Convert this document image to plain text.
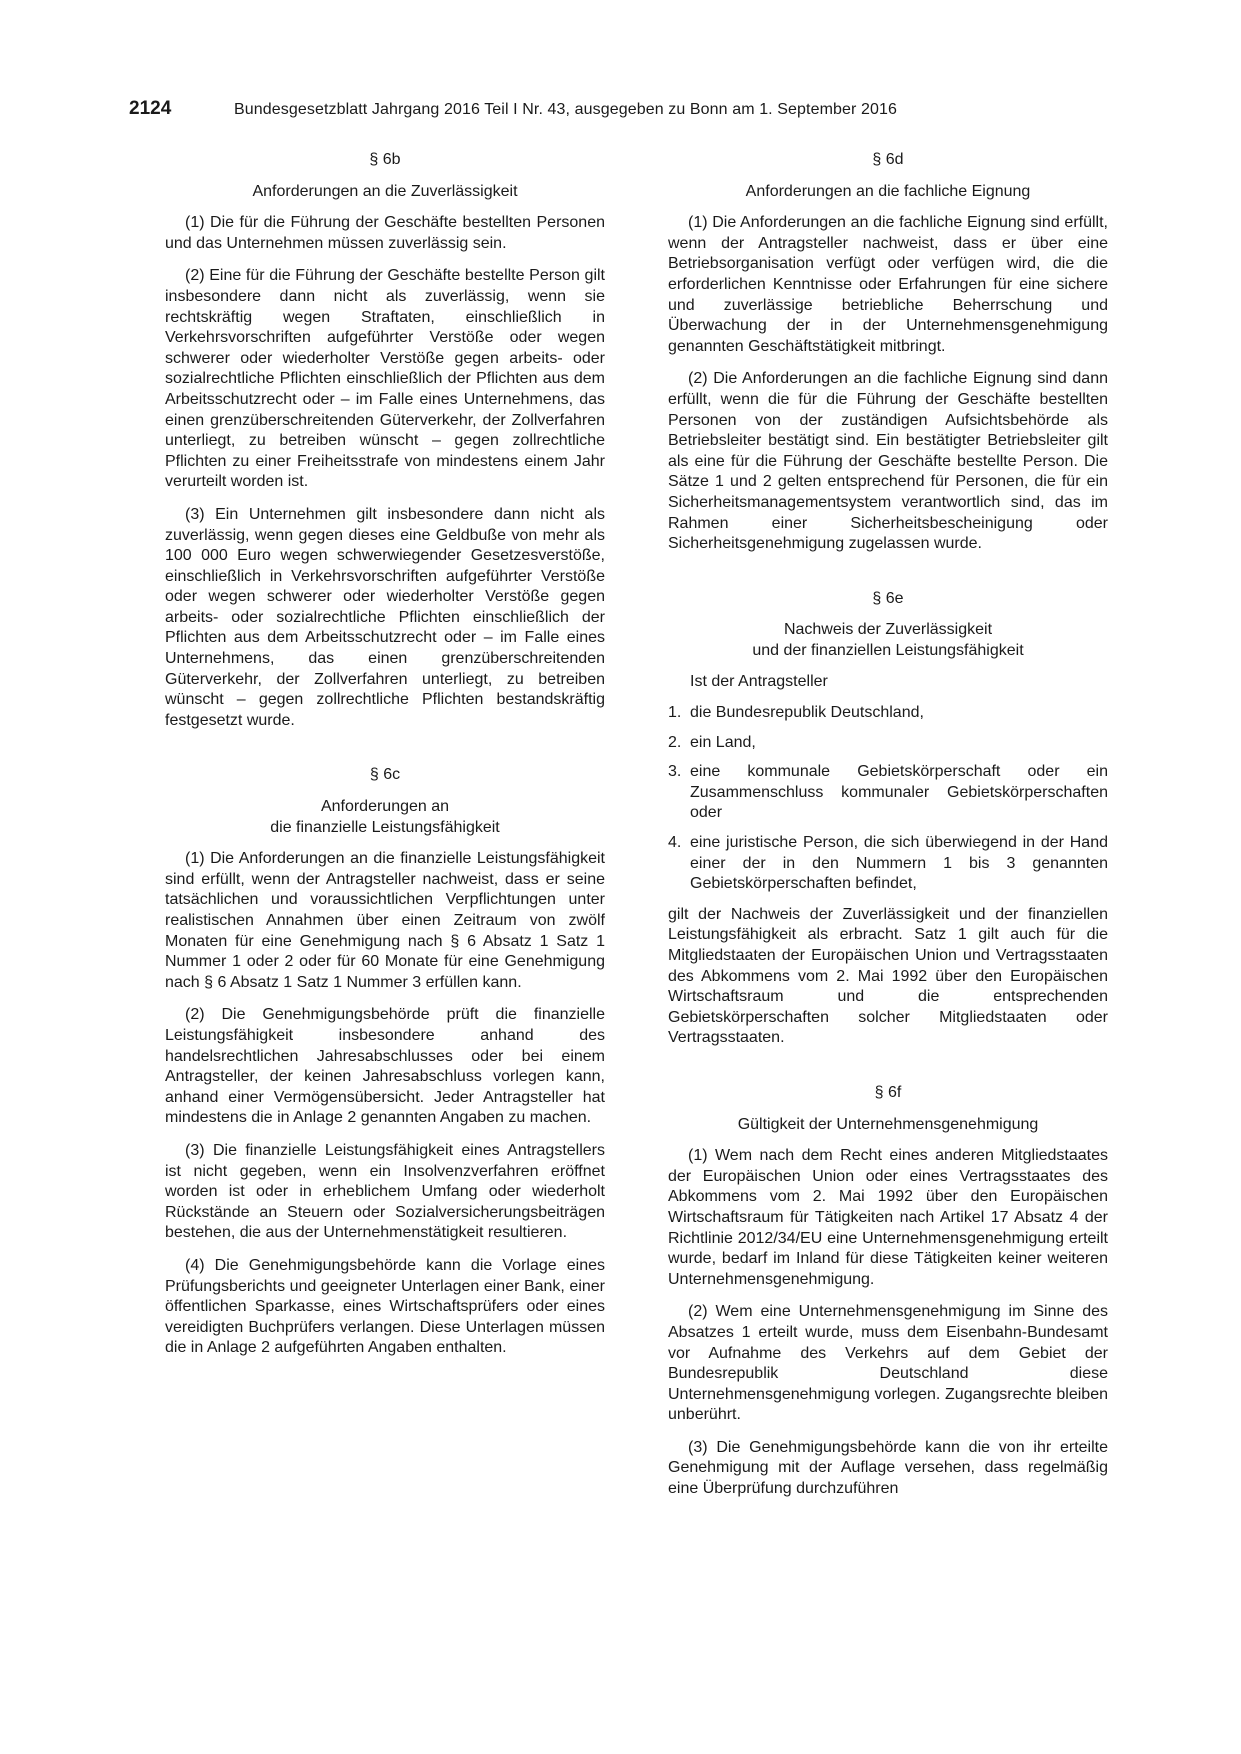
2124	Bundesgesetzblatt Jahrgang 2016 Teil I Nr. 43, ausgegeben zu Bonn am 1. September 2016
§ 6b
Anforderungen an die Zuverlässigkeit

(1) Die für die Führung der Geschäfte bestellten Personen und das Unternehmen müssen zuverlässig sein.

(2) Eine für die Führung der Geschäfte bestellte Person gilt insbesondere dann nicht als zuverlässig, wenn sie rechtskräftig wegen Straftaten, einschließlich in Verkehrsvorschriften aufgeführter Verstöße oder wegen schwerer oder wiederholter Verstöße gegen arbeits- oder sozialrechtliche Pflichten einschließlich der Pflichten aus dem Arbeitsschutzrecht oder – im Falle eines Unternehmens, das einen grenzüberschreitenden Güterverkehr, der Zollverfahren unterliegt, zu betreiben wünscht – gegen zollrechtliche Pflichten zu einer Freiheitsstrafe von mindestens einem Jahr verurteilt worden ist.

(3) Ein Unternehmen gilt insbesondere dann nicht als zuverlässig, wenn gegen dieses eine Geldbuße von mehr als 100 000 Euro wegen schwerwiegender Gesetzesverstöße, einschließlich in Verkehrsvorschriften aufgeführter Verstöße oder wegen schwerer oder wiederholter Verstöße gegen arbeits- oder sozialrechtliche Pflichten einschließlich der Pflichten aus dem Arbeitsschutzrecht oder – im Falle eines Unternehmens, das einen grenzüberschreitenden Güterverkehr, der Zollverfahren unterliegt, zu betreiben wünscht – gegen zollrechtliche Pflichten bestandskräftig festgesetzt wurde.

§ 6c
Anforderungen an
die finanzielle Leistungsfähigkeit

(1) Die Anforderungen an die finanzielle Leistungsfähigkeit sind erfüllt, wenn der Antragsteller nachweist, dass er seine tatsächlichen und voraussichtlichen Verpflichtungen unter realistischen Annahmen über einen Zeitraum von zwölf Monaten für eine Genehmigung nach § 6 Absatz 1 Satz 1 Nummer 1 oder 2 oder für 60 Monate für eine Genehmigung nach § 6 Absatz 1 Satz 1 Nummer 3 erfüllen kann.

(2) Die Genehmigungsbehörde prüft die finanzielle Leistungsfähigkeit insbesondere anhand des handelsrechtlichen Jahresabschlusses oder bei einem Antragsteller, der keinen Jahresabschluss vorlegen kann, anhand einer Vermögensübersicht. Jeder Antragsteller hat mindestens die in Anlage 2 genannten Angaben zu machen.

(3) Die finanzielle Leistungsfähigkeit eines Antragstellers ist nicht gegeben, wenn ein Insolvenzverfahren eröffnet worden ist oder in erheblichem Umfang oder wiederholt Rückstände an Steuern oder Sozialversicherungsbeiträgen bestehen, die aus der Unternehmenstätigkeit resultieren.

(4) Die Genehmigungsbehörde kann die Vorlage eines Prüfungsberichts und geeigneter Unterlagen einer Bank, einer öffentlichen Sparkasse, eines Wirtschaftsprüfers oder eines vereidigten Buchprüfers verlangen. Diese Unterlagen müssen die in Anlage 2 aufgeführten Angaben enthalten.

§ 6d
Anforderungen an die fachliche Eignung

(1) Die Anforderungen an die fachliche Eignung sind erfüllt, wenn der Antragsteller nachweist, dass er über eine Betriebsorganisation verfügt oder verfügen wird, die die erforderlichen Kenntnisse oder Erfahrungen für eine sichere und zuverlässige betriebliche Beherrschung und Überwachung der in der Unternehmensgenehmigung genannten Geschäftstätigkeit mitbringt.

(2) Die Anforderungen an die fachliche Eignung sind dann erfüllt, wenn die für die Führung der Geschäfte bestellten Personen von der zuständigen Aufsichtsbehörde als Betriebsleiter bestätigt sind. Ein bestätigter Betriebsleiter gilt als eine für die Führung der Geschäfte bestellte Person. Die Sätze 1 und 2 gelten entsprechend für Personen, die für ein Sicherheitsmanagementsystem verantwortlich sind, das im Rahmen einer Sicherheitsbescheinigung oder Sicherheitsgenehmigung zugelassen wurde.

§ 6e
Nachweis der Zuverlässigkeit
und der finanziellen Leistungsfähigkeit

Ist der Antragsteller

1. die Bundesrepublik Deutschland,
2. ein Land,
3. eine kommunale Gebietskörperschaft oder ein Zusammenschluss kommunaler Gebietskörperschaften oder
4. eine juristische Person, die sich überwiegend in der Hand einer der in den Nummern 1 bis 3 genannten Gebietskörperschaften befindet,

gilt der Nachweis der Zuverlässigkeit und der finanziellen Leistungsfähigkeit als erbracht. Satz 1 gilt auch für die Mitgliedstaaten der Europäischen Union und Vertragsstaaten des Abkommens vom 2. Mai 1992 über den Europäischen Wirtschaftsraum und die entsprechenden Gebietskörperschaften solcher Mitgliedstaaten oder Vertragsstaaten.

§ 6f
Gültigkeit der Unternehmensgenehmigung

(1) Wem nach dem Recht eines anderen Mitgliedstaates der Europäischen Union oder eines Vertragsstaates des Abkommens vom 2. Mai 1992 über den Europäischen Wirtschaftsraum für Tätigkeiten nach Artikel 17 Absatz 4 der Richtlinie 2012/34/EU eine Unternehmensgenehmigung erteilt wurde, bedarf im Inland für diese Tätigkeiten keiner weiteren Unternehmensgenehmigung.

(2) Wem eine Unternehmensgenehmigung im Sinne des Absatzes 1 erteilt wurde, muss dem Eisenbahn-Bundesamt vor Aufnahme des Verkehrs auf dem Gebiet der Bundesrepublik Deutschland diese Unternehmensgenehmigung vorlegen. Zugangsrechte bleiben unberührt.

(3) Die Genehmigungsbehörde kann die von ihr erteilte Genehmigung mit der Auflage versehen, dass regelmäßig eine Überprüfung durchzuführen
